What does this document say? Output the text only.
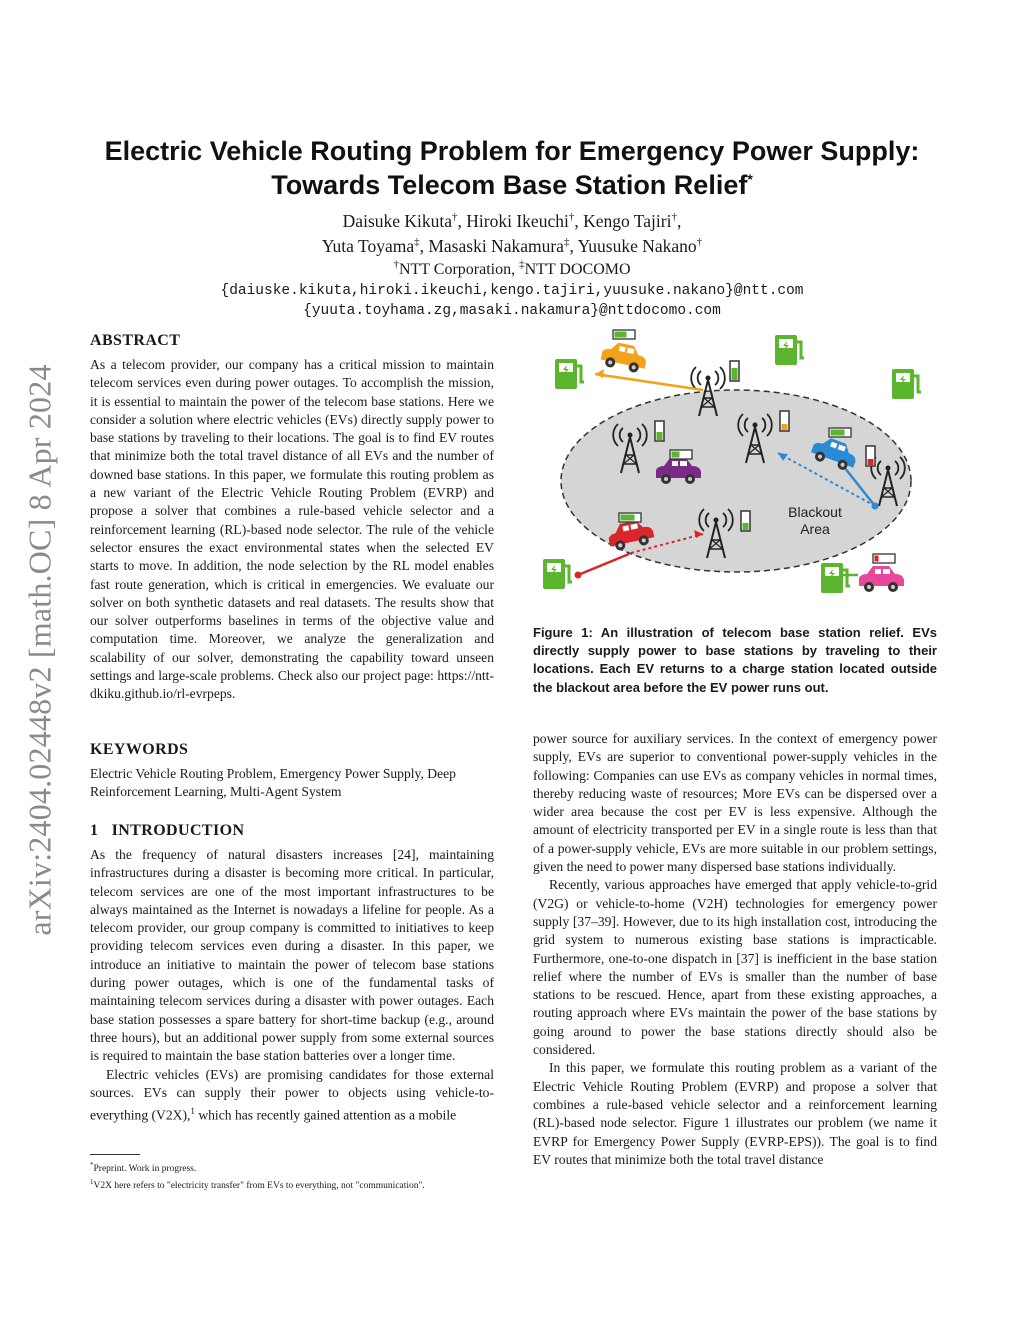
arXiv:2404.02448v2 [math.OC] 8 Apr 2024
Electric Vehicle Routing Problem for Emergency Power Supply:
Towards Telecom Base Station Relief*
Daisuke Kikuta†, Hiroki Ikeuchi†, Kengo Tajiri†,
Yuta Toyama‡, Masaski Nakamura‡, Yuusuke Nakano†
†NTT Corporation, ‡NTT DOCOMO
{daiuske.kikuta,hiroki.ikeuchi,kengo.tajiri,yuusuke.nakano}@ntt.com
{yuuta.toyhama.zg,masaki.nakamura}@nttdocomo.com
ABSTRACT

As a telecom provider, our company has a critical mission to maintain telecom services even during power outages. To accomplish the mission, it is essential to maintain the power of the telecom base stations. Here we consider a solution where electric vehicles (EVs) directly supply power to base stations by traveling to their locations. The goal is to find EV routes that minimize both the total travel distance of all EVs and the number of downed base stations. In this paper, we formulate this routing problem as a new variant of the Electric Vehicle Routing Problem (EVRP) and propose a solver that combines a rule-based vehicle selector and a reinforcement learning (RL)-based node selector. The rule of the vehicle selector ensures the exact environmental states when the selected EV starts to move. In addition, the node selection by the RL model enables fast route generation, which is critical in emergencies. We evaluate our solver on both synthetic datasets and real datasets. The results show that our solver outperforms baselines in terms of the objective value and computation time. Moreover, we analyze the generalization and scalability of our solver, demonstrating the capability toward unseen settings and large-scale problems. Check also our project page: https://ntt-dkiku.github.io/rl-evrpeps.

KEYWORDS

Electric Vehicle Routing Problem, Emergency Power Supply, Deep Reinforcement Learning, Multi-Agent System

1   INTRODUCTION

As the frequency of natural disasters increases [24], maintaining infrastructures during a disaster is becoming more critical. In particular, telecom services are one of the most important infrastructures to be always maintained as the Internet is nowadays a lifeline for people. As a telecom provider, our group company is committed to initiatives to keep providing telecom services even during a disaster. In this paper, we introduce an initiative to maintain the power of telecom base stations during power outages, which is one of the fundamental tasks of maintaining telecom services during a disaster with power outages. Each base station possesses a spare battery for short-time backup (e.g., around three hours), but an additional power supply from some external sources is required to maintain the base station batteries over a longer time.

Electric vehicles (EVs) are promising candidates for those external sources. EVs can supply their power to objects using vehicle-to-everything (V2X),$^1$ which has recently gained attention as a mobile

*Preprint. Work in progress.
$^1$V2X here refers to "electricity transfer" from EVs to everything, not "communication".
Blackout
Area
Figure 1: An illustration of telecom base station relief. EVs directly supply power to base stations by traveling to their locations. Each EV returns to a charge station located outside the blackout area before the EV power runs out.

power source for auxiliary services. In the context of emergency power supply, EVs are superior to conventional power-supply vehicles in the following: Companies can use EVs as company vehicles in normal times, thereby reducing waste of resources; More EVs can be dispersed over a wider area because the cost per EV is less expensive. Although the amount of electricity transported per EV in a single route is less than that of a power-supply vehicle, EVs are more suitable in our problem settings, given the need to power many dispersed base stations individually.

Recently, various approaches have emerged that apply vehicle-to-grid (V2G) or vehicle-to-home (V2H) technologies for emergency power supply [37–39]. However, due to its high installation cost, introducing the grid system to numerous existing base stations is impracticable. Furthermore, one-to-one dispatch in [37] is inefficient in the base station relief where the number of EVs is smaller than the number of base stations to be rescued. Hence, apart from these existing approaches, a routing approach where EVs maintain the power of the base stations by going around to power the base stations directly should also be considered.

In this paper, we formulate this routing problem as a variant of the Electric Vehicle Routing Problem (EVRP) and propose a solver that combines a rule-based vehicle selector and a reinforcement learning (RL)-based node selector. Figure 1 illustrates our problem (we name it EVRP for Emergency Power Supply (EVRP-EPS)). The goal is to find EV routes that minimize both the total travel distance
